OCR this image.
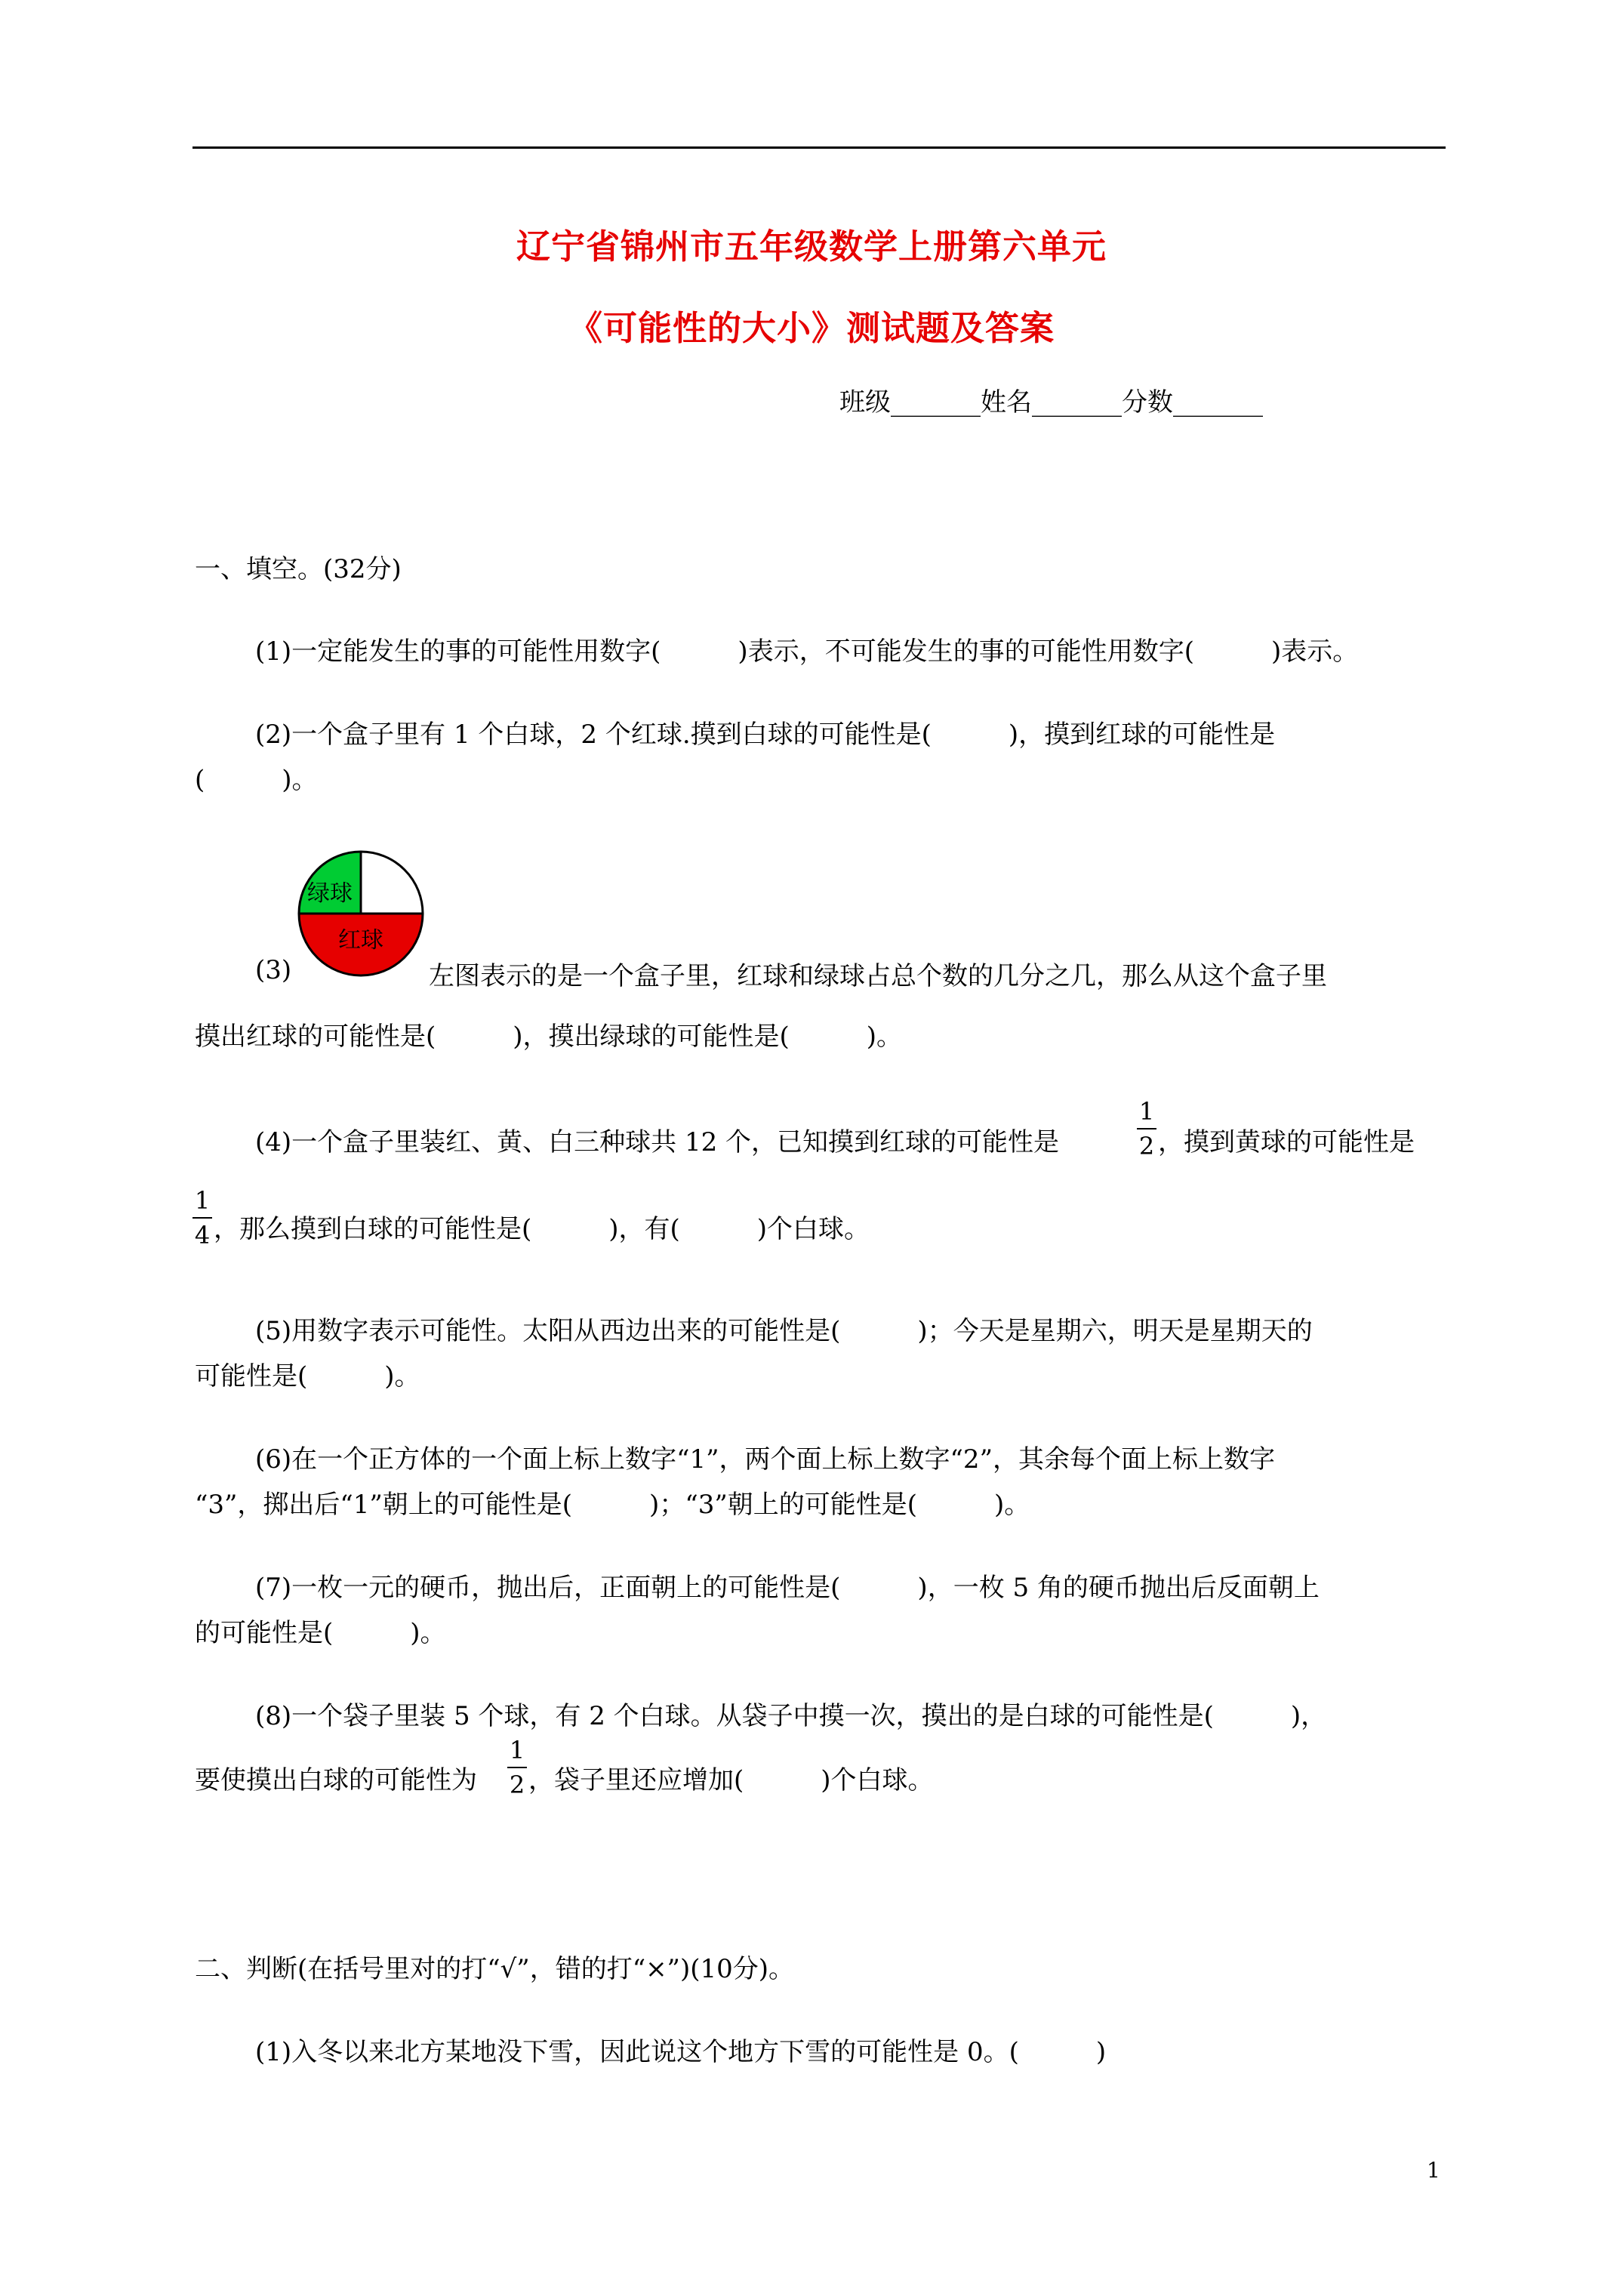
辽宁省锦州市五年级数学上册第六单元
《可能性的大小》测试题及答案
班级_______姓名_______分数_______
一、填空。(32分)
(1)一定能发生的事的可能性用数字(　　　)表示，不可能发生的事的可能性用数字(　　　)表示。
(2)一个盒子里有 1 个白球，2 个红球.摸到白球的可能性是(　　　)，摸到红球的可能性是
(　　　)。
绿球
红球
(3)	左图表示的是一个盒子里，红球和绿球占总个数的几分之几，那么从这个盒子里
摸出红球的可能性是(　　　)，摸出绿球的可能性是(　　　)。
(4)一个盒子里装红、黄、白三种球共 12 个，已知摸到红球的可能性是
1
2 ，摸到黄球的可能性是
1
4 ，那么摸到白球的可能性是(　　　)，有(　　　)个白球。
(5)用数字表示可能性。太阳从西边出来的可能性是(　　　)；今天是星期六，明天是星期天的
可能性是(　　　)。
(6)在一个正方体的一个面上标上数字“1”，两个面上标上数字“2”，其余每个面上标上数字
“3”，掷出后“1”朝上的可能性是(　　　)；“3”朝上的可能性是(　　　)。
(7)一枚一元的硬币，抛出后，正面朝上的可能性是(　　　)，一枚 5 角的硬币抛出后反面朝上
的可能性是(　　　)。
(8)一个袋子里装 5 个球，有 2 个白球。从袋子中摸一次，摸出的是白球的可能性是(　　　)，
要使摸出白球的可能性为
1
2 ，袋子里还应增加(　　　)个白球。
二、判断(在括号里对的打“√”，错的打“×”)(10分)。
(1)入冬以来北方某地没下雪，因此说这个地方下雪的可能性是 0。(　　　)
1
